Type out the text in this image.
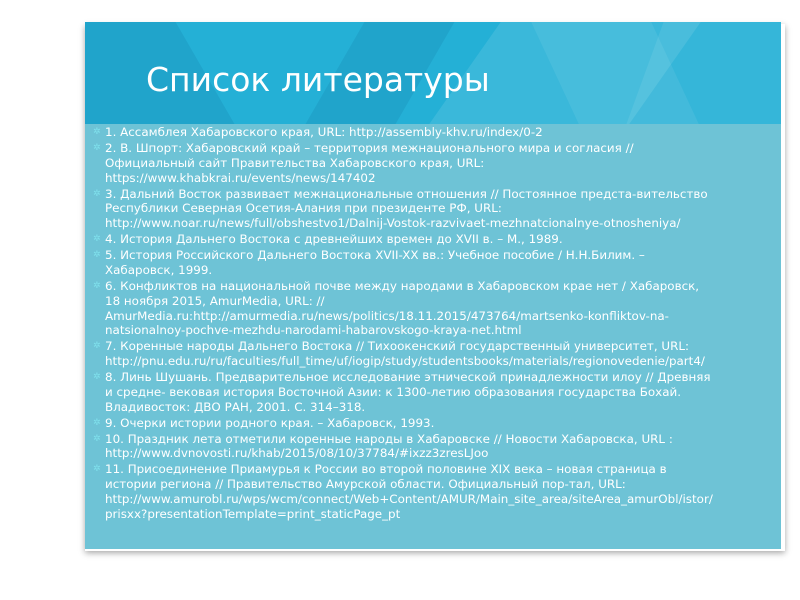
✲ 1. Ассамблея Хабаровского края, URL: http://assembly-khv.ru/index/0-2
✲ 2. В. Шпорт: Хабаровский край – территория межнационального мира и согласия // Официальный сайт Правительства Хабаровского края, URL: https://www.khabkrai.ru/events/news/147402
✲ 3. Дальний Восток развивает межнациональные отношения // Постоянное предста-вительство Республики Северная Осетия-Алания при президенте РФ, URL: http://www.noar.ru/news/full/obshestvo1/Dalnij-Vostok-razvivaet-mezhnatcionalnye-otnosheniya/
✲ 4. История Дальнего Востока с древнейших времен до XVII в. – М., 1989.
✲ 5. История Российского Дальнего Востока XVII-XX вв.: Учебное пособие / Н.Н.Билим. – Хабаровск, 1999.
✲ 6. Конфликтов на национальной почве между народами в Хабаровском крае нет / Хабаровск, 18 ноября 2015, AmurMedia, URL: // AmurMedia.ru:http://amurmedia.ru/news/politics/18.11.2015/473764/martsenko-konfliktov-na-natsionalnoy-pochve-mezhdu-narodami-habarovskogo-kraya-net.html
✲ 7. Коренные народы Дальнего Востока // Тихоокенский государственный университет, URL: http://pnu.edu.ru/ru/faculties/full_time/uf/iogip/study/studentsbooks/materials/regionovedenie/part4/
✲ 8. Линь Шушань. Предварительное исследование этнической принадлежности илоу // Древняя и средне- вековая история Восточной Азии: к 1300-летию образования государства Бохай. Владивосток: ДВО РАН, 2001. С. 314–318.
✲ 9. Очерки истории родного края. – Хабаровск, 1993.
✲ 10. Праздник лета отметили коренные народы в Хабаровске // Новости Хабаровска, URL : http://www.dvnovosti.ru/khab/2015/08/10/37784/#ixzz3zresLJoo
✲ 11. Присоединение Приамурья к России во второй половине XIX века – новая страница в истории региона // Правительство Амурской области. Официальный пор-тал, URL: http://www.amurobl.ru/wps/wcm/connect/Web+Content/AMUR/Main_site_area/siteArea_amurObl/istor/prisxx?presentationTemplate=print_staticPage_pt
Список литературы
